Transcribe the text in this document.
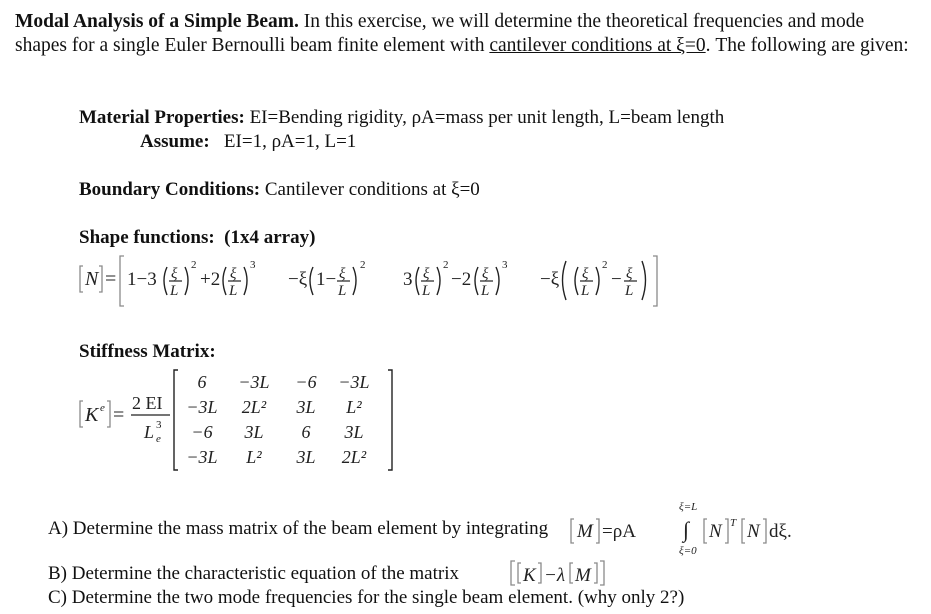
Modal Analysis of a Simple Beam. In this exercise, we will determine the theoretical frequencies and mode shapes for a single Euler Bernoulli beam finite element with cantilever conditions at ξ=0. The following are given:
Material Properties: EI=Bending rigidity, ρA=mass per unit length, L=beam length
Assume: EI=1, ρA=1, L=1
Boundary Conditions: Cantilever conditions at ξ=0
Shape functions: (1x4 array)
N = 1−3 ξ
L
2
+2 ξ
L
3
−ξ 1− ξ
L
2
3 ξ
L
2
−2 ξ
L
3
−ξ ξ
L
2
− ξ
L
Stiffness Matrix:
K e =
2 EI
L 3
e
6 −3L −6 −3L
−3L 2L² 3L L²
−6 3L 6 3L
−3L L² 3L 2L²
A) Determine the mass matrix of the beam element by integrating M =ρA
ξ=L
∫
ξ=0
N T N dξ.
B) Determine the characteristic equation of the matrix	K −λ M
C) Determine the two mode frequencies for the single beam element. (why only 2?)
